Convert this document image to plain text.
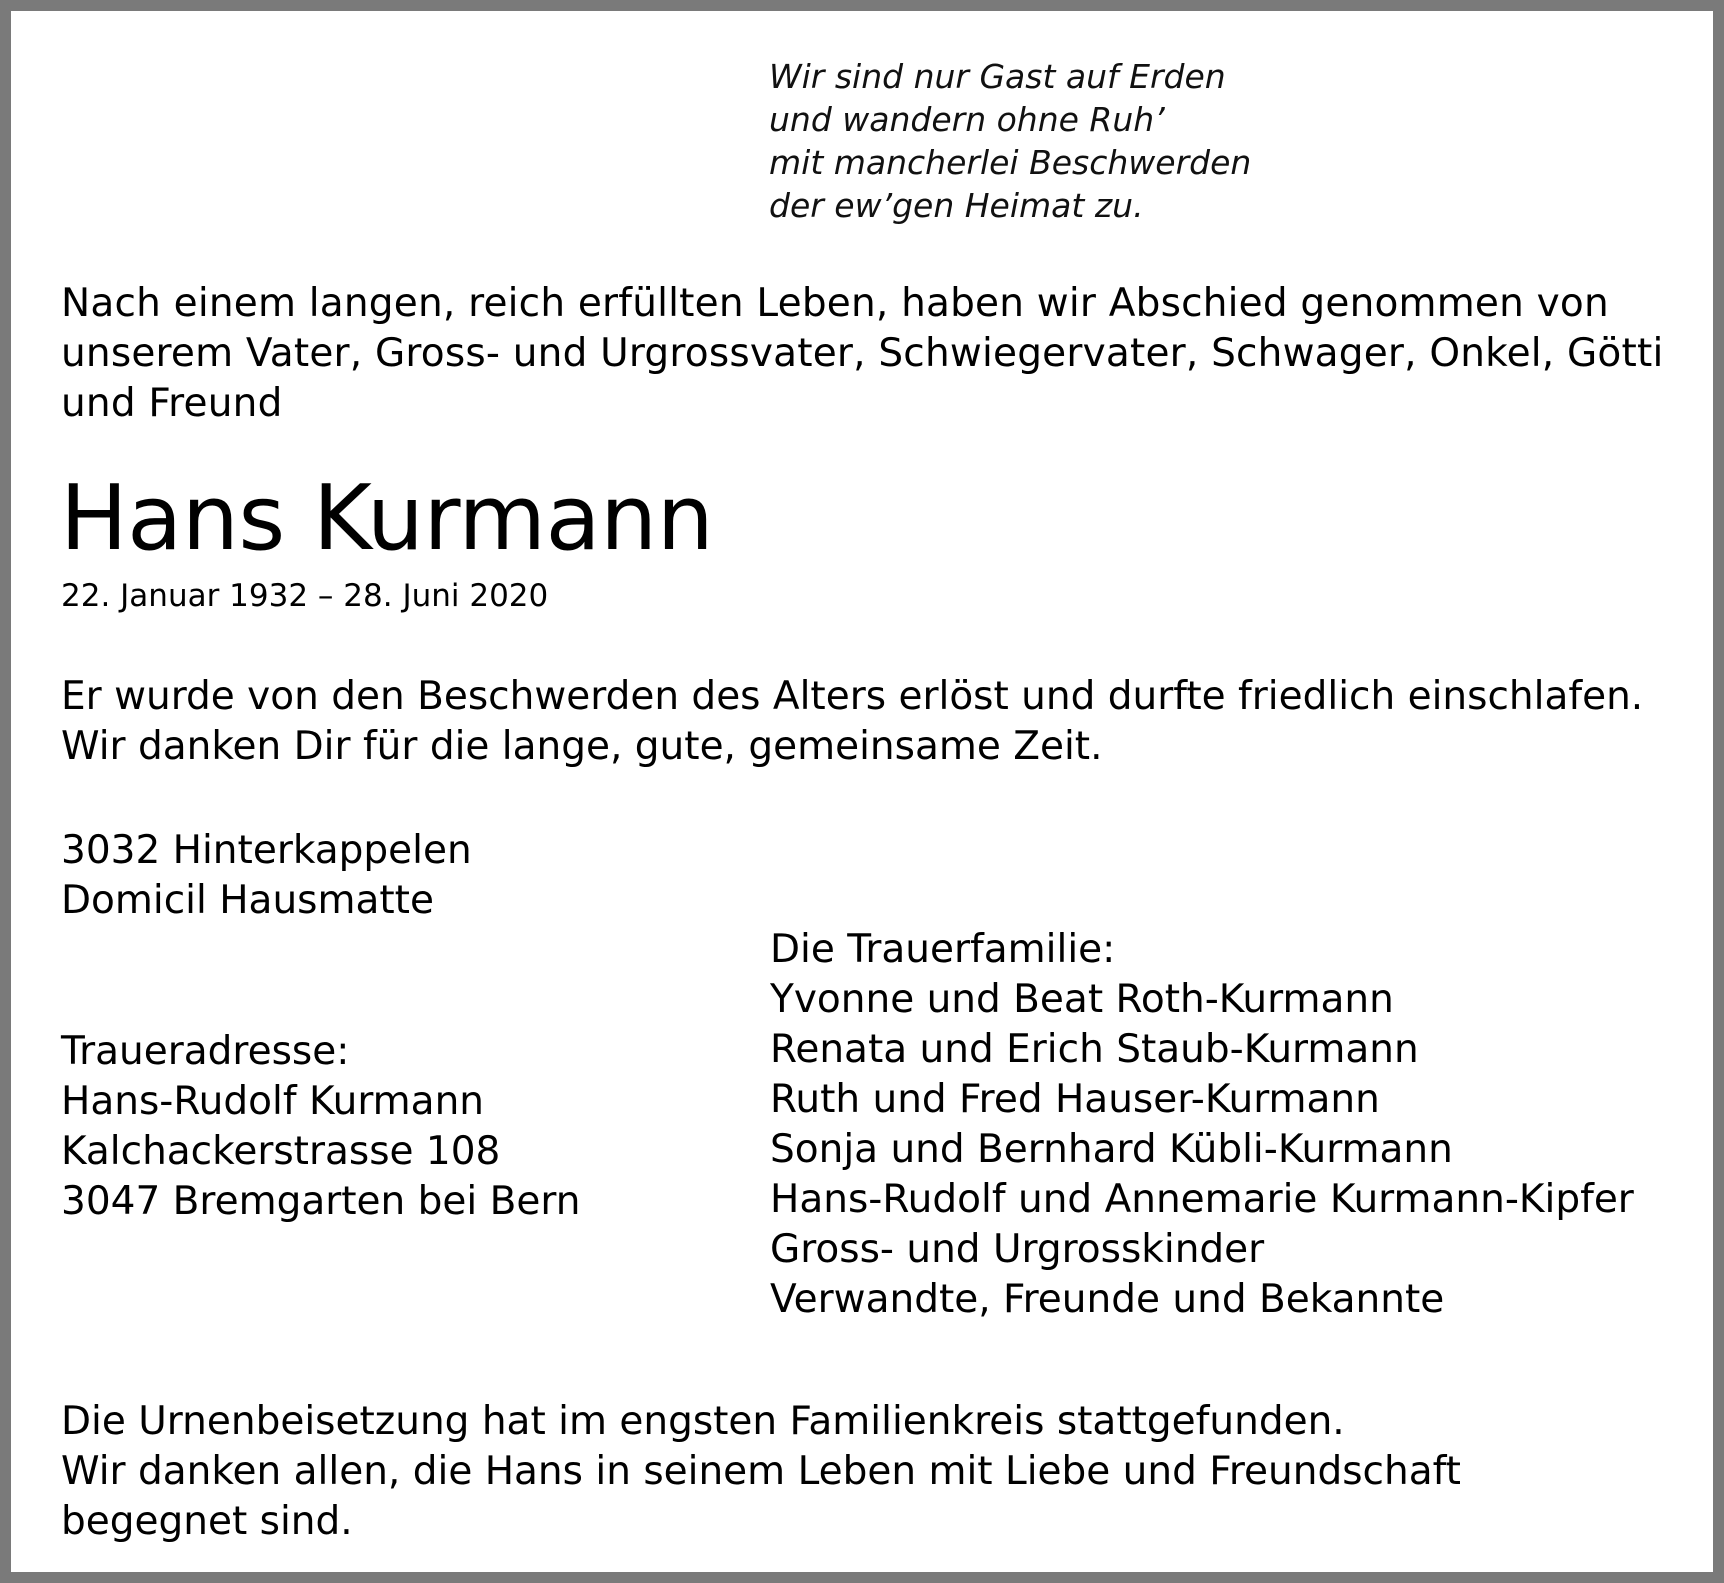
Wir sind nur Gast auf Erden
und wandern ohne Ruh’
mit mancherlei Beschwerden
der ew’gen Heimat zu.
Nach einem langen, reich erfüllten Leben, haben wir Abschied genommen von
unserem Vater, Gross- und Urgrossvater, Schwiegervater, Schwager, Onkel, Götti
und Freund
Hans Kurmann
22. Januar 1932 – 28. Juni 2020
Er wurde von den Beschwerden des Alters erlöst und durfte friedlich einschlafen.
Wir danken Dir für die lange, gute, gemeinsame Zeit.
3032 Hinterkappelen
Domicil Hausmatte
Die Trauerfamilie:
Yvonne und Beat Roth-Kurmann
Renata und Erich Staub-Kurmann
Ruth und Fred Hauser-Kurmann
Sonja und Bernhard Kübli-Kurmann
Hans-Rudolf und Annemarie Kurmann-Kipfer
Gross- und Urgrosskinder
Verwandte, Freunde und Bekannte
Traueradresse:
Hans-Rudolf Kurmann
Kalchackerstrasse 108
3047 Bremgarten bei Bern
Die Urnenbeisetzung hat im engsten Familienkreis stattgefunden.
Wir danken allen, die Hans in seinem Leben mit Liebe und Freundschaft
begegnet sind.
